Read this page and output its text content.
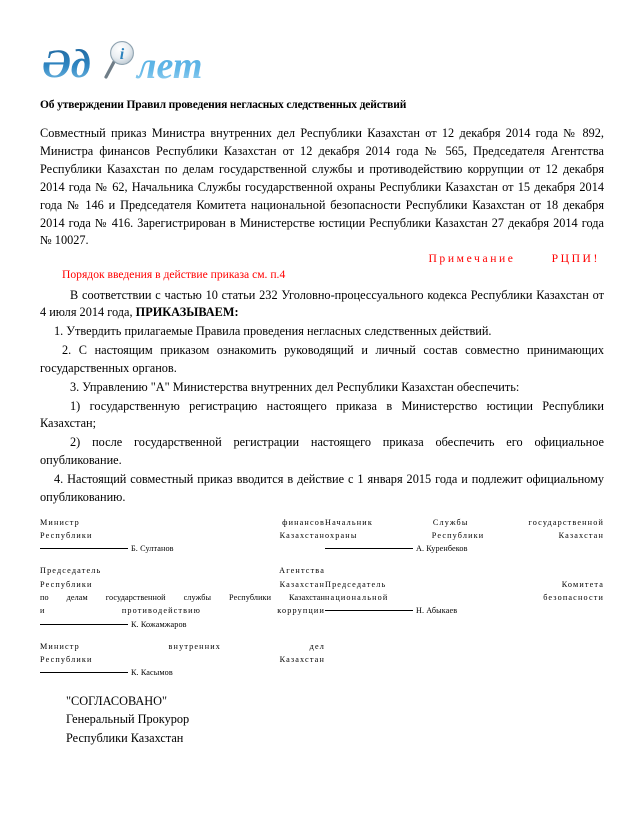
Әд лет
i
Об утверждении Правил проведения негласных следственных действий

Совместный приказ Министра внутренних дел Республики Казахстан от 12 декабря 2014 года № 892, Министра финансов Республики Казахстан от 12 декабря 2014 года № 565, Председателя Агентства Республики Казахстан по делам государственной службы и противодействию коррупции от 12 декабря 2014 года № 62, Начальника Службы государственной охраны Республики Казахстан от 15 декабря 2014 года № 146 и Председателя Комитета национальной безопасности Республики Казахстан от 18 декабря 2014 года № 416. Зарегистрирован в Министерстве юстиции Республики Казахстан 27 декабря 2014 года № 10027.

Примечание	РЦПИ!
Порядок введения в действие приказа см. п.4

В соответствии с частью 10 статьи 232 Уголовно-процессуального кодекса Республики Казахстан от 4 июля 2014 года, ПРИКАЗЫВАЕМ:

1. Утвердить прилагаемые Правила проведения негласных следственных действий.

2. С настоящим приказом ознакомить руководящий и личный состав совместно принимающих государственных органов.

3. Управлению "А" Министерства внутренних дел Республики Казахстан обеспечить:

1) государственную регистрацию настоящего приказа в Министерство юстиции Республики Казахстан;

2) после государственной регистрации настоящего приказа обеспечить его официальное опубликование.

4. Настоящий совместный приказ вводится в действие с 1 января 2015 года и подлежит официальному опубликованию.

Министр финансов
Республики Казахстан
Б. Султанов
Начальник Службы государственной
охраны Республики Казахстан
А. Куренбеков
Председатель Агентства
Республики Казахстан
по делам государственной службы Республики Казахстан
и противодействию коррупции
К. Кожамжаров
Председатель Комитета
национальной безопасности
Н. Абыкаев
Министр внутренних дел
Республики Казахстан
К. Касымов
"СОГЛАСОВАНО"
Генеральный Прокурор
Республики Казахстан
